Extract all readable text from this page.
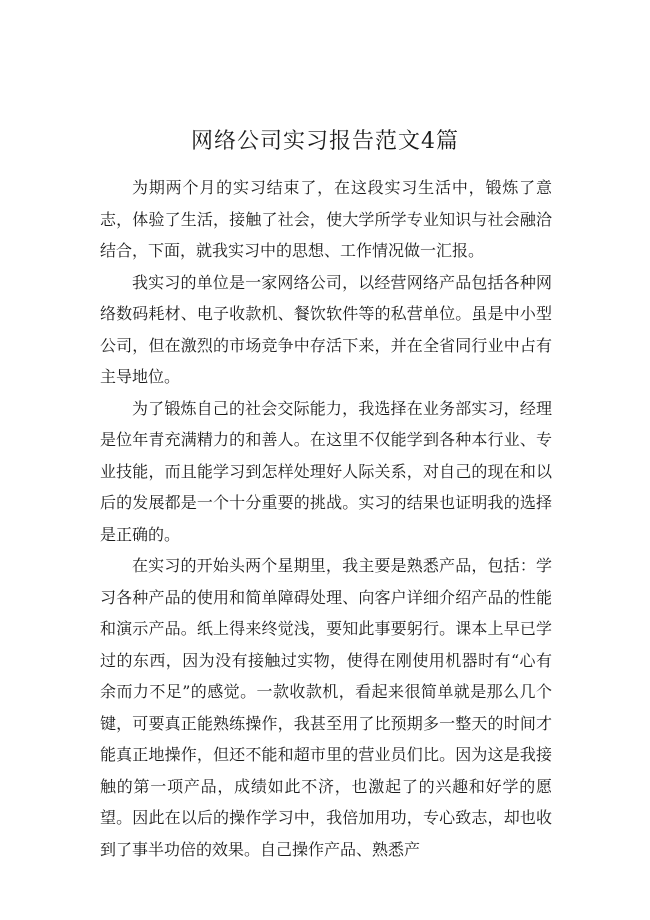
网络公司实习报告范文4篇

为期两个月的实习结束了，在这段实习生活中，锻炼了意志，体验了生活，接触了社会，使大学所学专业知识与社会融洽结合，下面，就我实习中的思想、工作情况做一汇报。

我实习的单位是一家网络公司，以经营网络产品包括各种网络数码耗材、电子收款机、餐饮软件等的私营单位。虽是中小型公司，但在激烈的市场竞争中存活下来，并在全省同行业中占有主导地位。

为了锻炼自己的社会交际能力，我选择在业务部实习，经理是位年青充满精力的和善人。在这里不仅能学到各种本行业、专业技能，而且能学习到怎样处理好人际关系，对自己的现在和以后的发展都是一个十分重要的挑战。实习的结果也证明我的选择是正确的。

在实习的开始头两个星期里，我主要是熟悉产品，包括：学习各种产品的使用和简单障碍处理、向客户详细介绍产品的性能和演示产品。纸上得来终觉浅，要知此事要躬行。课本上早已学过的东西，因为没有接触过实物，使得在刚使用机器时有“心有余而力不足”的感觉。一款收款机，看起来很简单就是那么几个键，可要真正能熟练操作，我甚至用了比预期多一整天的时间才能真正地操作，但还不能和超市里的营业员们比。因为这是我接触的第一项产品，成绩如此不济，也激起了的兴趣和好学的愿望。因此在以后的操作学习中，我倍加用功，专心致志，却也收到了事半功倍的效果。自己操作产品、熟悉产
